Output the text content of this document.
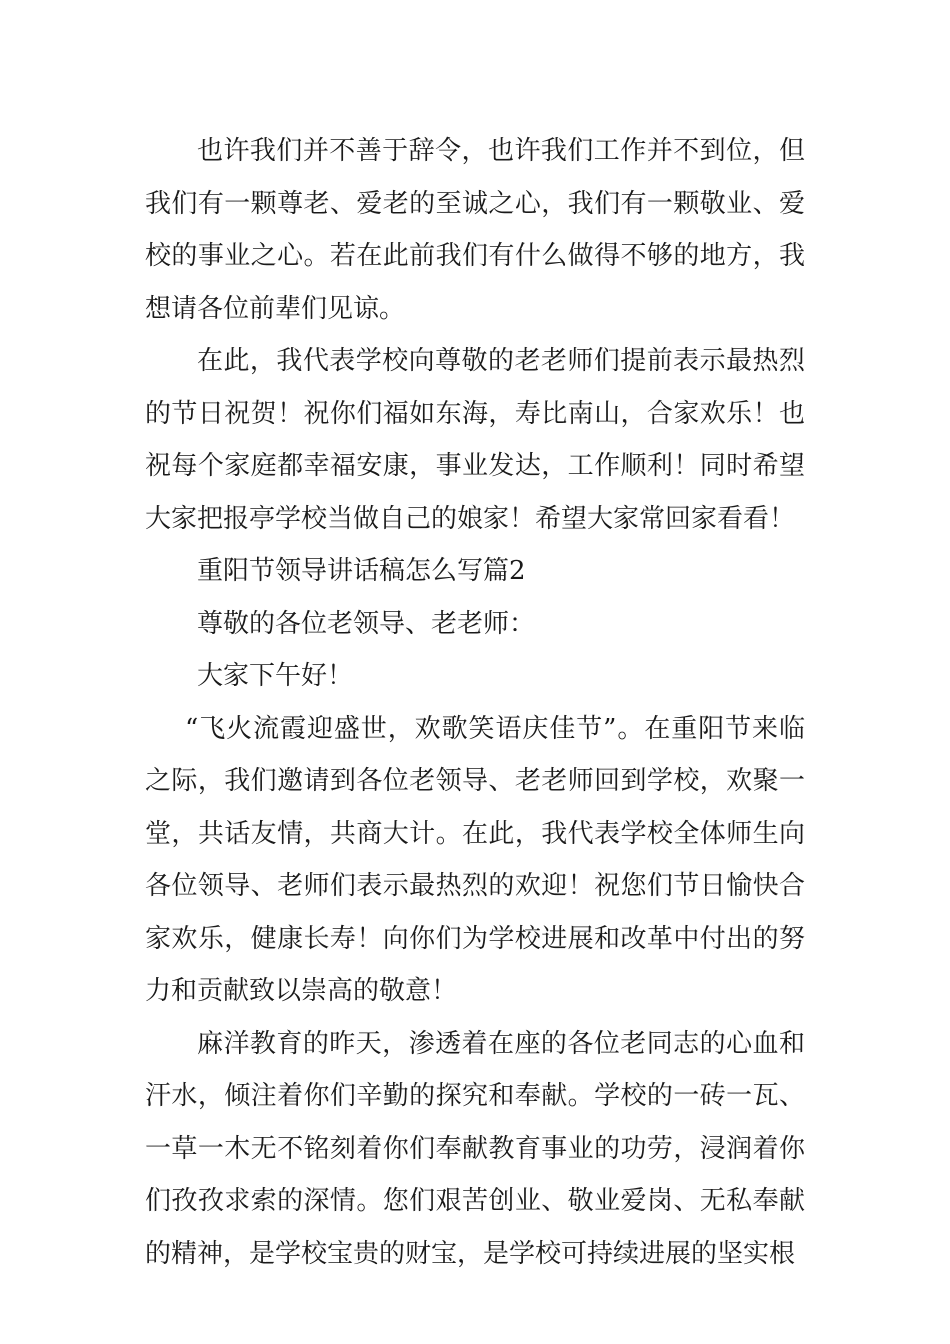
也许我们并不善于辞令，也许我们工作并不到位，但我们有一颗尊老、爱老的至诚之心，我们有一颗敬业、爱校的事业之心。若在此前我们有什么做得不够的地方，我想请各位前辈们见谅。

在此，我代表学校向尊敬的老老师们提前表示最热烈的节日祝贺！祝你们福如东海，寿比南山，合家欢乐！也祝每个家庭都幸福安康，事业发达，工作顺利！同时希望大家把报亭学校当做自己的娘家！希望大家常回家看看！

重阳节领导讲话稿怎么写篇2

尊敬的各位老领导、老老师：

大家下午好！

“飞火流霞迎盛世，欢歌笑语庆佳节”。在重阳节来临之际，我们邀请到各位老领导、老老师回到学校，欢聚一堂，共话友情，共商大计。在此，我代表学校全体师生向各位领导、老师们表示最热烈的欢迎！祝您们节日愉快合家欢乐，健康长寿！向你们为学校进展和改革中付出的努力和贡献致以崇高的敬意！

麻洋教育的昨天，渗透着在座的各位老同志的心血和汗水，倾注着你们辛勤的探究和奉献。学校的一砖一瓦、一草一木无不铭刻着你们奉献教育事业的功劳，浸润着你们孜孜求索的深情。您们艰苦创业、敬业爱岗、无私奉献的精神，是学校宝贵的财宝，是学校可持续进展的坚实根
